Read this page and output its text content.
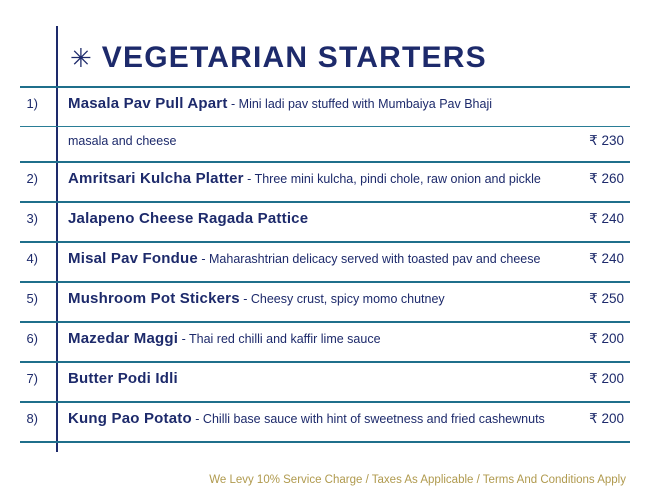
✳ VEGETARIAN STARTERS
1)	Masala Pav Pull Apart - Mini ladi pav stuffed with Mumbaiya Pav Bhaji
masala and cheese	₹ 230
2)	Amritsari Kulcha Platter - Three mini kulcha, pindi chole, raw onion and pickle	₹ 260
3)	Jalapeno Cheese Ragada Pattice	₹ 240
4)	Misal Pav Fondue - Maharashtrian delicacy served with toasted pav and cheese	₹ 240
5)	Mushroom Pot Stickers - Cheesy crust, spicy momo chutney	₹ 250
6)	Mazedar Maggi - Thai red chilli and kaffir lime sauce	₹ 200
7)	Butter Podi Idli	₹ 200
8)	Kung Pao Potato - Chilli base sauce with hint of sweetness and fried cashewnuts	₹ 200
We Levy 10% Service Charge / Taxes As Applicable / Terms And Conditions Apply
